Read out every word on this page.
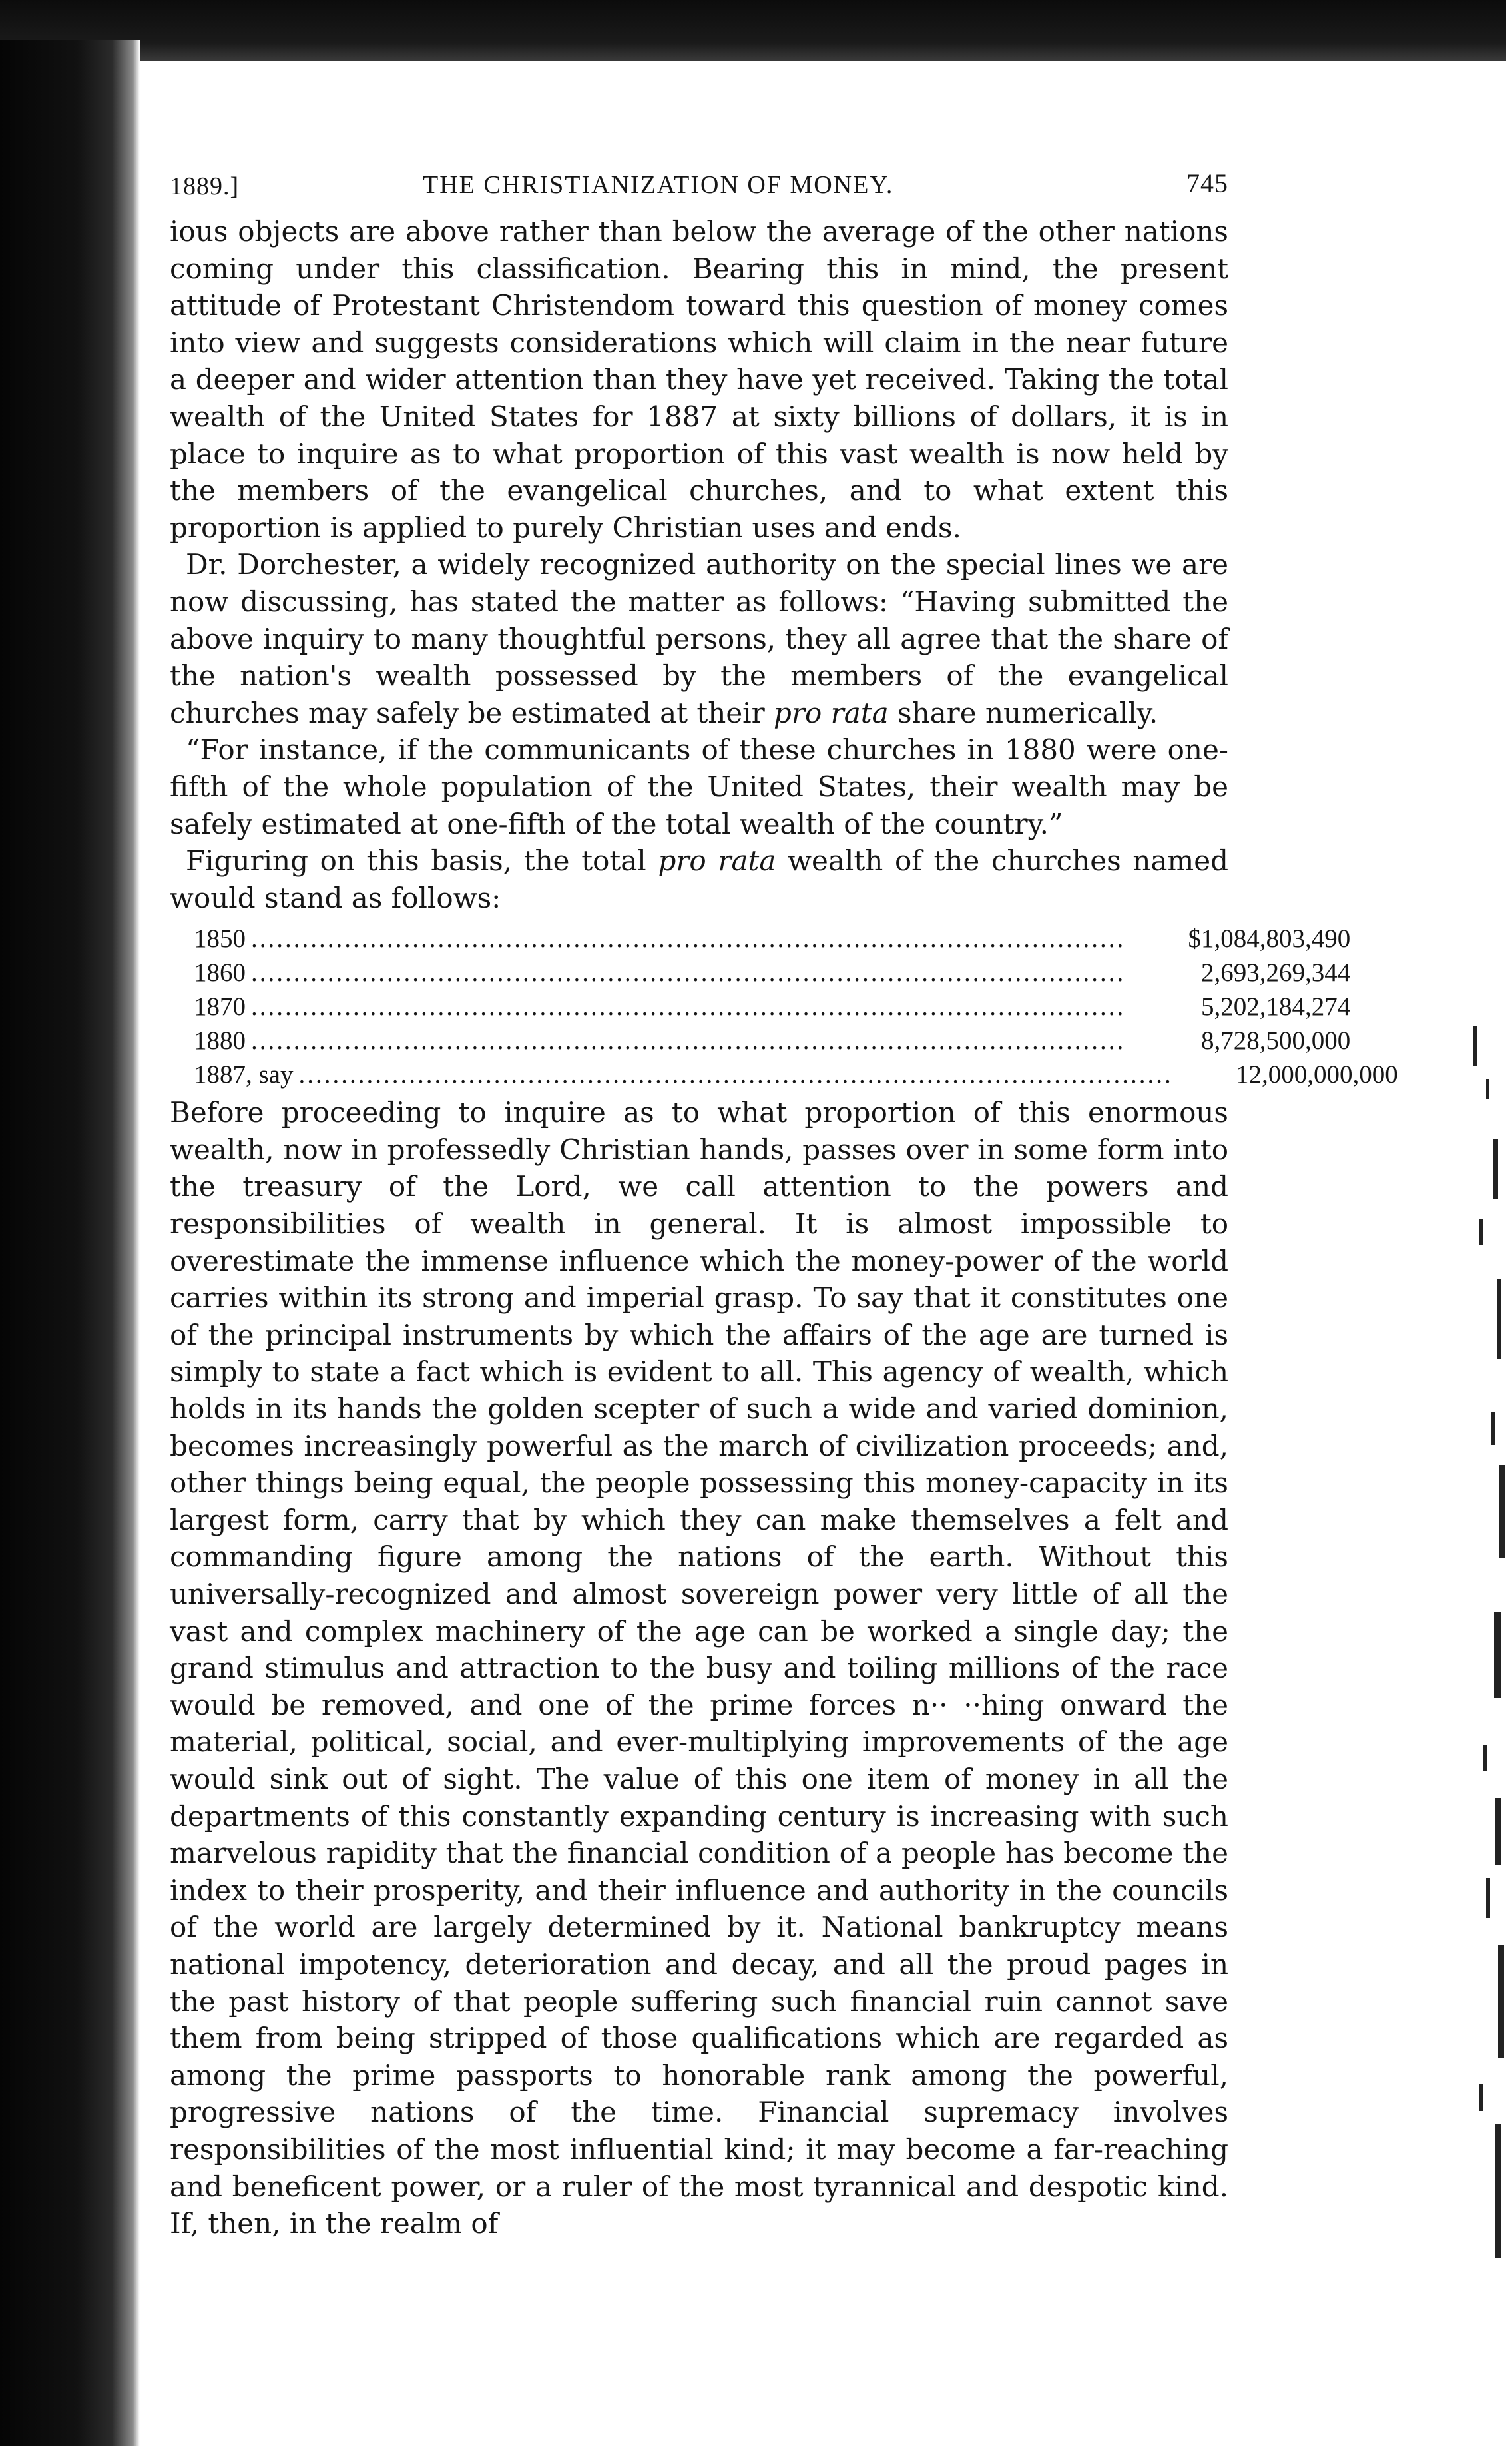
1889.]	THE CHRISTIANIZATION OF MONEY.	745

ious objects are above rather than below the average of the other nations coming under this classification. Bearing this in mind, the present attitude of Protestant Christendom toward this question of money comes into view and suggests considerations which will claim in the near future a deeper and wider attention than they have yet received. Taking the total wealth of the United States for 1887 at sixty billions of dollars, it is in place to inquire as to what proportion of this vast wealth is now held by the members of the evangelical churches, and to what extent this proportion is applied to purely Christian uses and ends.

Dr. Dorchester, a widely recognized authority on the special lines we are now discussing, has stated the matter as follows: “Having submitted the above inquiry to many thoughtful persons, they all agree that the share of the nation's wealth possessed by the members of the evangelical churches may safely be estimated at their pro rata share numerically.

“For instance, if the communicants of these churches in 1880 were one-fifth of the whole population of the United States, their wealth may be safely estimated at one-fifth of the total wealth of the country.”

Figuring on this basis, the total pro rata wealth of the churches named would stand as follows:

1850 .......................................................................................................	$1,084,803,490
1860 .......................................................................................................	2,693,269,344
1870 .......................................................................................................	5,202,184,274
1880 .......................................................................................................	8,728,500,000
1887, say .......................................................................................................	12,000,000,000

Before proceeding to inquire as to what proportion of this enormous wealth, now in professedly Christian hands, passes over in some form into the treasury of the Lord, we call attention to the powers and responsibilities of wealth in general. It is almost impossible to overestimate the immense influence which the money-power of the world carries within its strong and imperial grasp. To say that it constitutes one of the principal instruments by which the affairs of the age are turned is simply to state a fact which is evident to all. This agency of wealth, which holds in its hands the golden scepter of such a wide and varied dominion, becomes increasingly powerful as the march of civilization proceeds; and, other things being equal, the people possessing this money-capacity in its largest form, carry that by which they can make themselves a felt and commanding figure among the nations of the earth. Without this universally-recognized and almost sovereign power very little of all the vast and complex machinery of the age can be worked a single day; the grand stimulus and attraction to the busy and toiling millions of the race would be removed, and one of the prime forces n·· ··hing onward the material, political, social, and ever-multiplying improvements of the age would sink out of sight. The value of this one item of money in all the departments of this constantly expanding century is increasing with such marvelous rapidity that the financial condition of a people has become the index to their prosperity, and their influence and authority in the councils of the world are largely determined by it. National bankruptcy means national impotency, deterioration and decay, and all the proud pages in the past history of that people suffering such financial ruin cannot save them from being stripped of those qualifications which are regarded as among the prime passports to honorable rank among the powerful, progressive nations of the time. Financial supremacy involves responsibilities of the most influential kind; it may become a far-reaching and beneficent power, or a ruler of the most tyrannical and despotic kind. If, then, in the realm of
